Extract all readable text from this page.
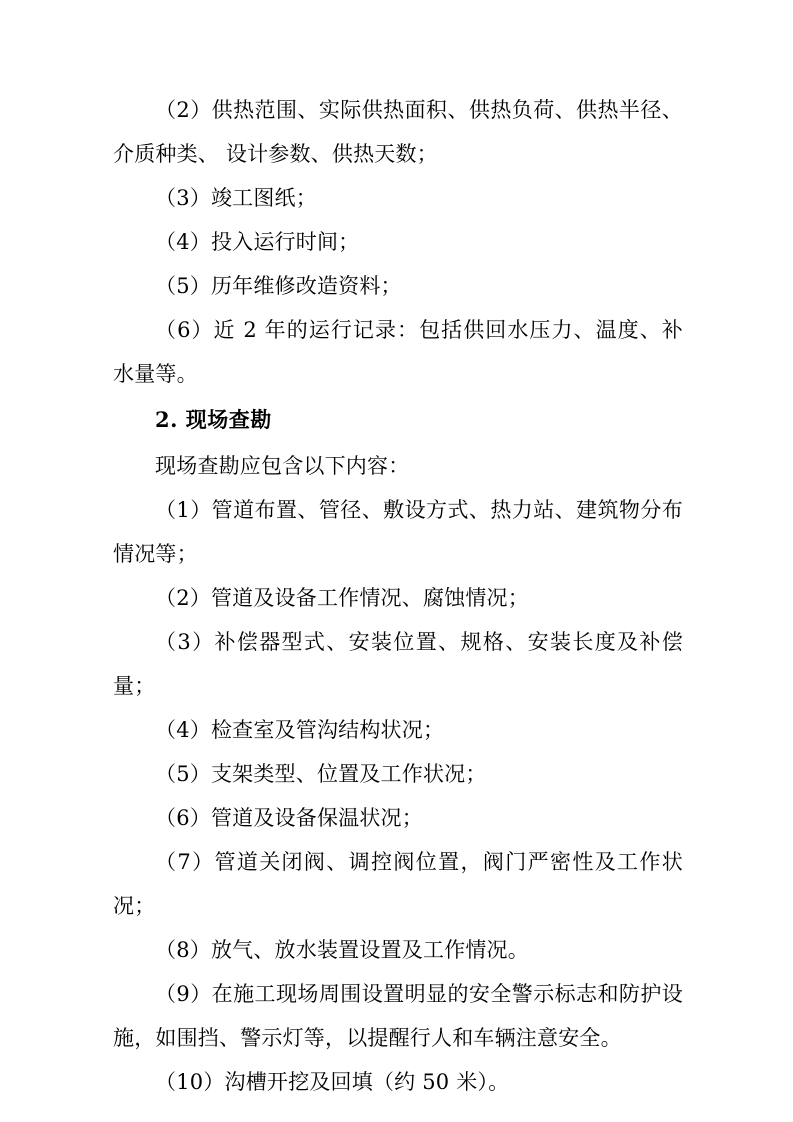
（2）供热范围、实际供热面积、供热负荷、供热半径、介质种类、 设计参数、供热天数；

（3）竣工图纸；

（4）投入运行时间；

（5）历年维修改造资料；

（6）近 2 年的运行记录：包括供回水压力、温度、补水量等。

2. 现场查勘

现场查勘应包含以下内容：

（1）管道布置、管径、敷设方式、热力站、建筑物分布情况等；

（2）管道及设备工作情况、腐蚀情况；

（3）补偿器型式、安装位置、规格、安装长度及补偿量；

（4）检查室及管沟结构状况；

（5）支架类型、位置及工作状况；

（6）管道及设备保温状况；

（7）管道关闭阀、调控阀位置，阀门严密性及工作状况；

（8）放气、放水装置设置及工作情况。

（9）在施工现场周围设置明显的安全警示标志和防护设施，如围挡、警示灯等，以提醒行人和车辆注意安全。

（10）沟槽开挖及回填（约 50 米）。
